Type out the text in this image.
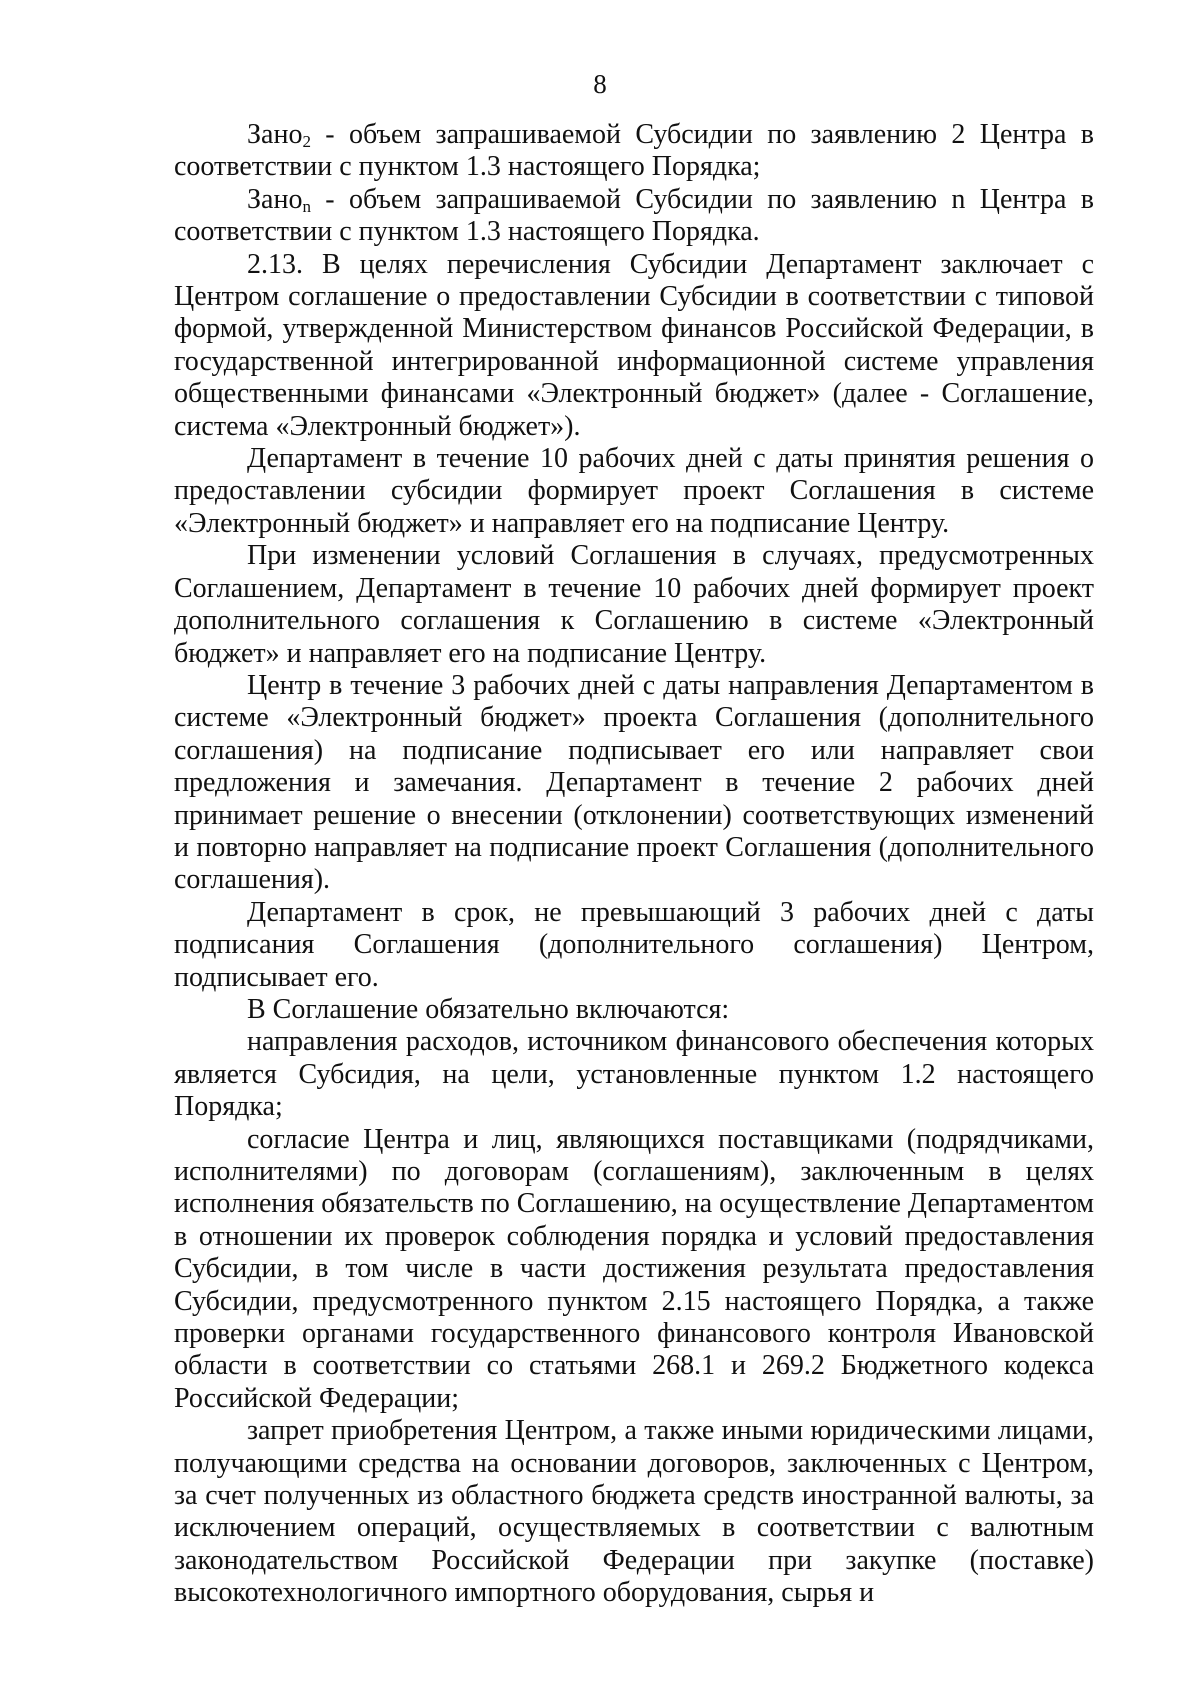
8

Зано$_2$ - объем запрашиваемой Субсидии по заявлению 2 Центра в соответствии с пунктом 1.3 настоящего Порядка;

Зано$_n$ - объем запрашиваемой Субсидии по заявлению n Центра в соответствии с пунктом 1.3 настоящего Порядка.

2.13. В целях перечисления Субсидии Департамент заключает с Центром соглашение о предоставлении Субсидии в соответствии с типовой формой, утвержденной Министерством финансов Российской Федерации, в государственной интегрированной информационной системе управления общественными финансами «Электронный бюджет» (далее - Соглашение, система «Электронный бюджет»).

Департамент в течение 10 рабочих дней с даты принятия решения о предоставлении субсидии формирует проект Соглашения в системе «Электронный бюджет» и направляет его на подписание Центру.

При изменении условий Соглашения в случаях, предусмотренных Соглашением, Департамент в течение 10 рабочих дней формирует проект дополнительного соглашения к Соглашению в системе «Электронный бюджет» и направляет его на подписание Центру.

Центр в течение 3 рабочих дней с даты направления Департаментом в системе «Электронный бюджет» проекта Соглашения (дополнительного соглашения) на подписание подписывает его или направляет свои предложения и замечания. Департамент в течение 2 рабочих дней принимает решение о внесении (отклонении) соответствующих изменений и повторно направляет на подписание проект Соглашения (дополнительного соглашения).

Департамент в срок, не превышающий 3 рабочих дней с даты подписания Соглашения (дополнительного соглашения) Центром, подписывает его.

В Соглашение обязательно включаются:

направления расходов, источником финансового обеспечения которых является Субсидия, на цели, установленные пунктом 1.2 настоящего Порядка;

согласие Центра и лиц, являющихся поставщиками (подрядчиками, исполнителями) по договорам (соглашениям), заключенным в целях исполнения обязательств по Соглашению, на осуществление Департаментом в отношении их проверок соблюдения порядка и условий предоставления Субсидии, в том числе в части достижения результата предоставления Субсидии, предусмотренного пунктом 2.15 настоящего Порядка, а также проверки органами государственного финансового контроля Ивановской области в соответствии со статьями 268.1 и 269.2 Бюджетного кодекса Российской Федерации;

запрет приобретения Центром, а также иными юридическими лицами, получающими средства на основании договоров, заключенных с Центром, за счет полученных из областного бюджета средств иностранной валюты, за исключением операций, осуществляемых в соответствии с валютным законодательством Российской Федерации при закупке (поставке) высокотехнологичного импортного оборудования, сырья и
